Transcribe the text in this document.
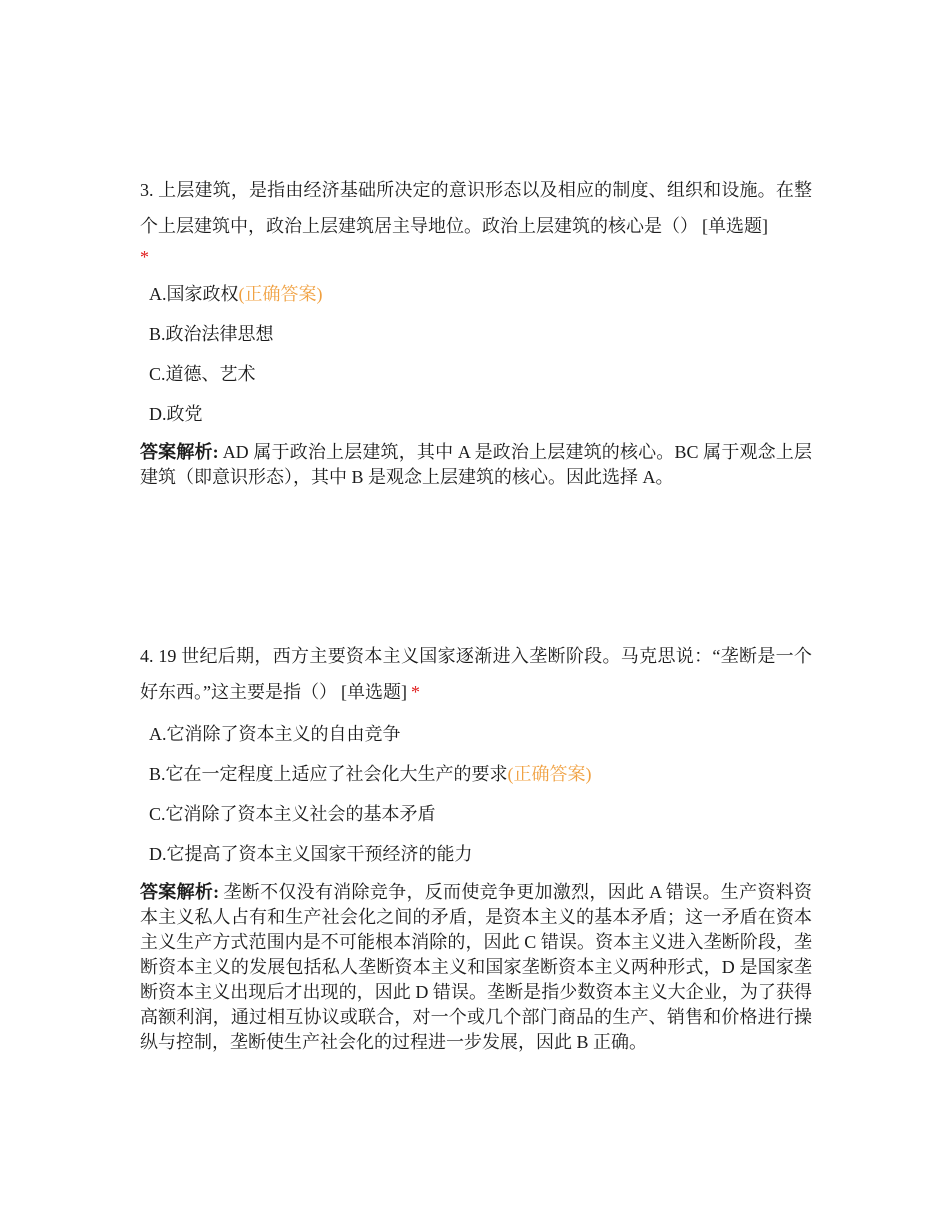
3. 上层建筑，是指由经济基础所决定的意识形态以及相应的制度、组织和设施。在整个上层建筑中，政治上层建筑居主导地位。政治上层建筑的核心是（） [单选题]
*

A.国家政权(正确答案)
B.政治法律思想
C.道德、艺术
D.政党

答案解析: AD 属于政治上层建筑，其中 A 是政治上层建筑的核心。BC 属于观念上层建筑（即意识形态），其中 B 是观念上层建筑的核心。因此选择 A。

4. 19 世纪后期，西方主要资本主义国家逐渐进入垄断阶段。马克思说：“垄断是一个好东西。”这主要是指（） [单选题] *

A.它消除了资本主义的自由竞争
B.它在一定程度上适应了社会化大生产的要求(正确答案)
C.它消除了资本主义社会的基本矛盾
D.它提高了资本主义国家干预经济的能力

答案解析: 垄断不仅没有消除竞争，反而使竞争更加激烈，因此 A 错误。生产资料资本主义私人占有和生产社会化之间的矛盾，是资本主义的基本矛盾；这一矛盾在资本主义生产方式范围内是不可能根本消除的，因此 C 错误。资本主义进入垄断阶段，垄断资本主义的发展包括私人垄断资本主义和国家垄断资本主义两种形式，D 是国家垄断资本主义出现后才出现的，因此 D 错误。垄断是指少数资本主义大企业，为了获得高额利润，通过相互协议或联合，对一个或几个部门商品的生产、销售和价格进行操纵与控制，垄断使生产社会化的过程进一步发展，因此 B 正确。
